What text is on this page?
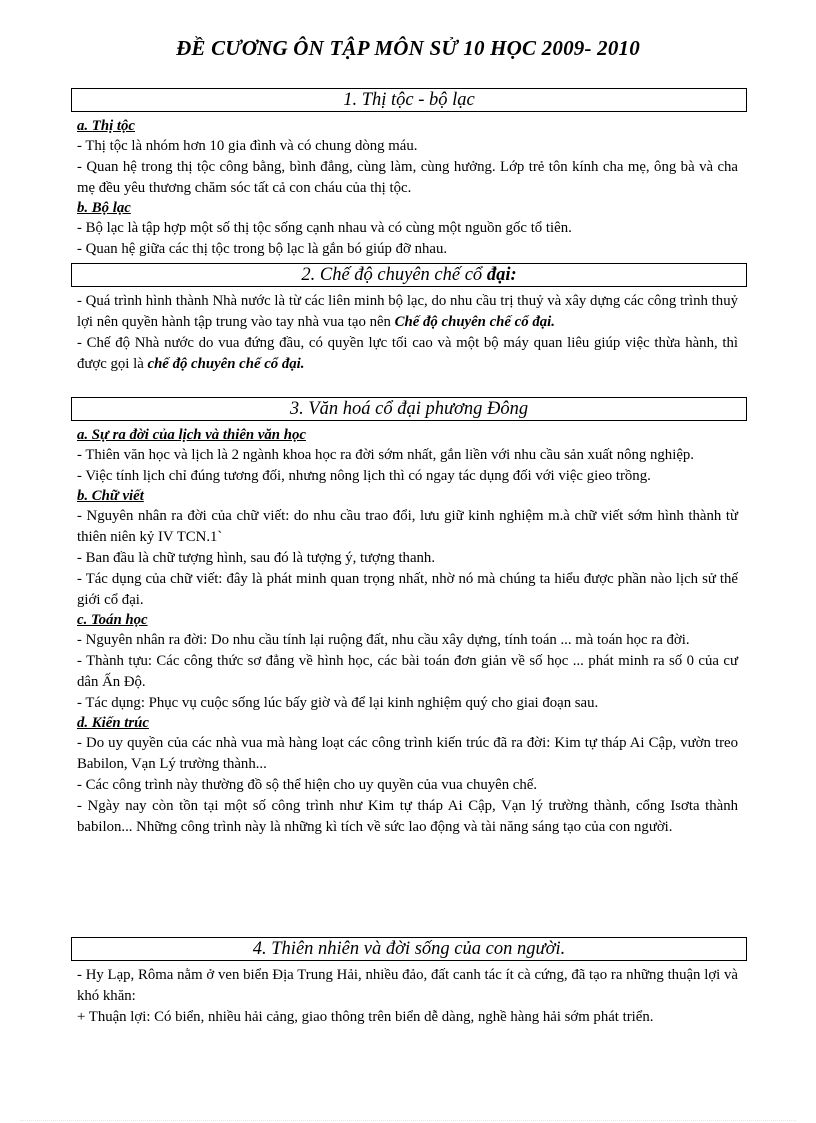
ĐỀ CƯƠNG ÔN TẬP MÔN SỬ 10 HỌC 2009- 2010
1. Thị tộc - bộ lạc

a. Thị tộc

- Thị tộc là nhóm hơn 10 gia đình và có chung dòng máu.

- Quan hệ trong thị tộc công bằng, bình đẳng, cùng làm, cùng hưởng. Lớp trẻ tôn kính cha mẹ, ông bà và cha mẹ đều yêu thương chăm sóc tất cả con cháu của thị tộc.

b. Bộ lạc

- Bộ lạc là tập hợp một số thị tộc sống cạnh nhau và có cùng một nguồn gốc tổ tiên.

- Quan hệ giữa các thị tộc trong bộ lạc là gắn bó giúp đỡ nhau.

2. Chế độ chuyên chế cổ đại:

- Quá trình hình thành Nhà nước là từ các liên minh bộ lạc, do nhu cầu trị thuỷ và xây dựng các công trình thuỷ lợi nên quyền hành tập trung vào tay nhà vua tạo nên Chế độ chuyên chế cổ đại.

- Chế độ Nhà nước do vua đứng đầu, có quyền lực tối cao và một bộ máy quan liêu giúp việc thừa hành, thì được gọi là chế độ chuyên chế cổ đại.

3. Văn hoá cổ đại phương Đông

a. Sự ra đời của lịch và thiên văn học

- Thiên văn học và lịch là 2 ngành khoa học ra đời sớm nhất, gắn liền với nhu cầu sản xuất nông nghiệp.

- Việc tính lịch chỉ đúng tương đối, nhưng nông lịch thì có ngay tác dụng đối với việc gieo trồng.

b. Chữ viết

- Nguyên nhân ra đời của chữ viết: do nhu cầu trao đổi, lưu giữ kinh nghiệm m.à chữ viết sớm hình thành từ thiên niên kỷ IV TCN.1`

- Ban đầu là chữ tượng hình, sau đó là tượng ý, tượng thanh.

- Tác dụng của chữ viết: đây là phát minh quan trọng nhất, nhờ nó mà chúng ta hiểu được phần nào lịch sử thế giới cổ đại.

c. Toán học

- Nguyên nhân ra đời: Do nhu cầu tính lại ruộng đất, nhu cầu xây dựng, tính toán ... mà toán học ra đời.

- Thành tựu: Các công thức sơ đẳng về hình học, các bài toán đơn giản về số học ... phát minh ra số 0 của cư dân Ấn Độ.

- Tác dụng: Phục vụ cuộc sống lúc bấy giờ và để lại kinh nghiệm quý cho giai đoạn sau.

d. Kiến trúc

- Do uy quyền của các nhà vua mà hàng loạt các công trình kiến trúc đã ra đời: Kim tự tháp Ai Cập, vườn treo Babilon, Vạn Lý trường thành...

- Các công trình này thường đồ sộ thể hiện cho uy quyền của vua chuyên chế.

- Ngày nay còn tồn tại một số công trình như Kim tự tháp Ai Cập, Vạn lý trường thành, cổng Isơta thành babilon... Những công trình này là những kì tích về sức lao động và tài năng sáng tạo của con người.

4. Thiên nhiên và đời sống của con người.

- Hy Lạp, Rôma nằm ở ven biển Địa Trung Hải, nhiều đảo, đất canh tác ít cà cứng, đã tạo ra những thuận lợi và khó khăn:

+ Thuận lợi: Có biển, nhiều hải cảng, giao thông trên biển dễ dàng, nghề hàng hải sớm phát triển.
